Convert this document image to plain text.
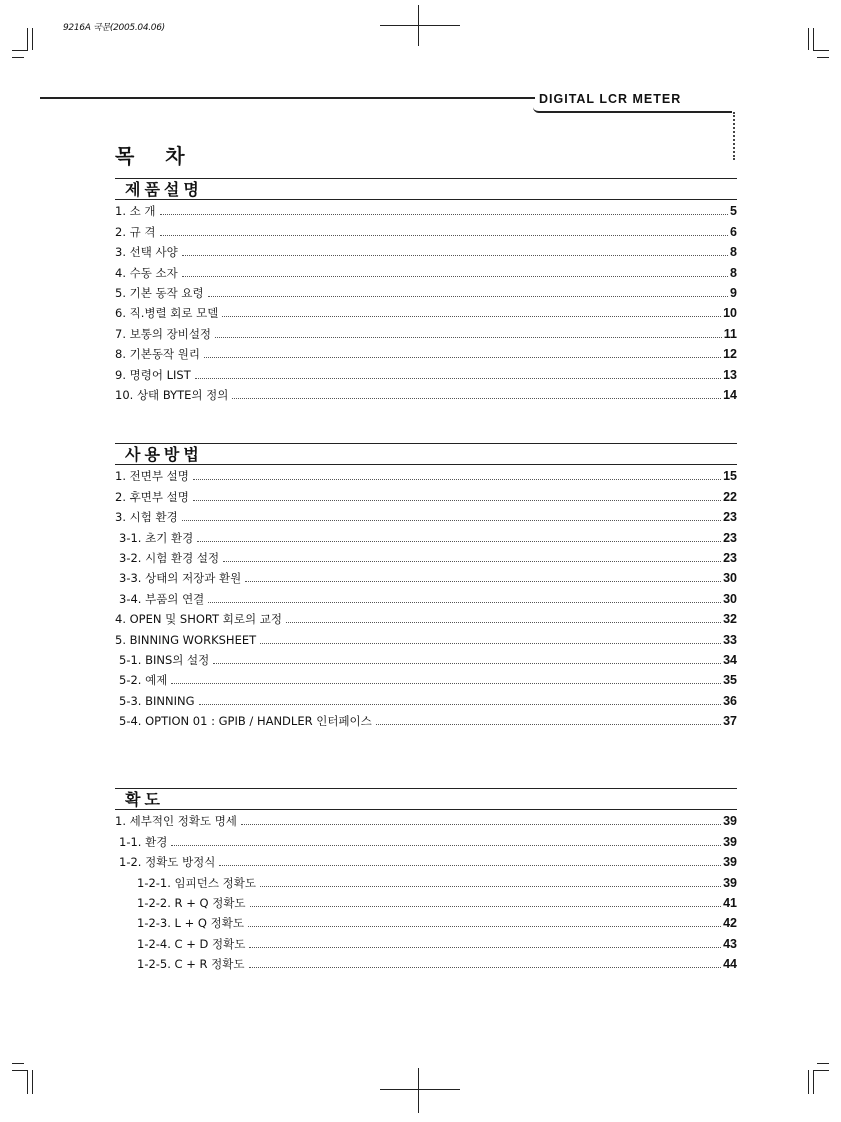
9216A 국문(2005.04.06)
DIGITAL LCR METER
목 차
제품설명
1. 소 개	5
2. 규 격	6
3. 선택 사양	8
4. 수동 소자	8
5. 기본 동작 요령	9
6. 직.병렬 회로 모델	10
7. 보통의 장비설정	11
8. 기본동작 원리	12
9. 명령어 LIST	13
10. 상태 BYTE의 정의	14
사용방법
1. 전면부 설명	15
2. 후면부 설명	22
3. 시험 환경	23
3-1. 초기 환경	23
3-2. 시험 환경 설정	23
3-3. 상태의 저장과 환원	30
3-4. 부품의 연결	30
4. OPEN 및 SHORT 회로의 교정	32
5. BINNING WORKSHEET	33
5-1. BINS의 설정	34
5-2. 예제	35
5-3. BINNING	36
5-4. OPTION 01 : GPIB / HANDLER 인터페이스	37
확도
1. 세부적인 정확도 명세	39
1-1. 환경	39
1-2. 정확도 방정식	39
1-2-1. 임피던스 정확도	39
1-2-2. R + Q 정확도	41
1-2-3. L + Q 정확도	42
1-2-4. C + D 정확도	43
1-2-5. C + R 정확도	44
